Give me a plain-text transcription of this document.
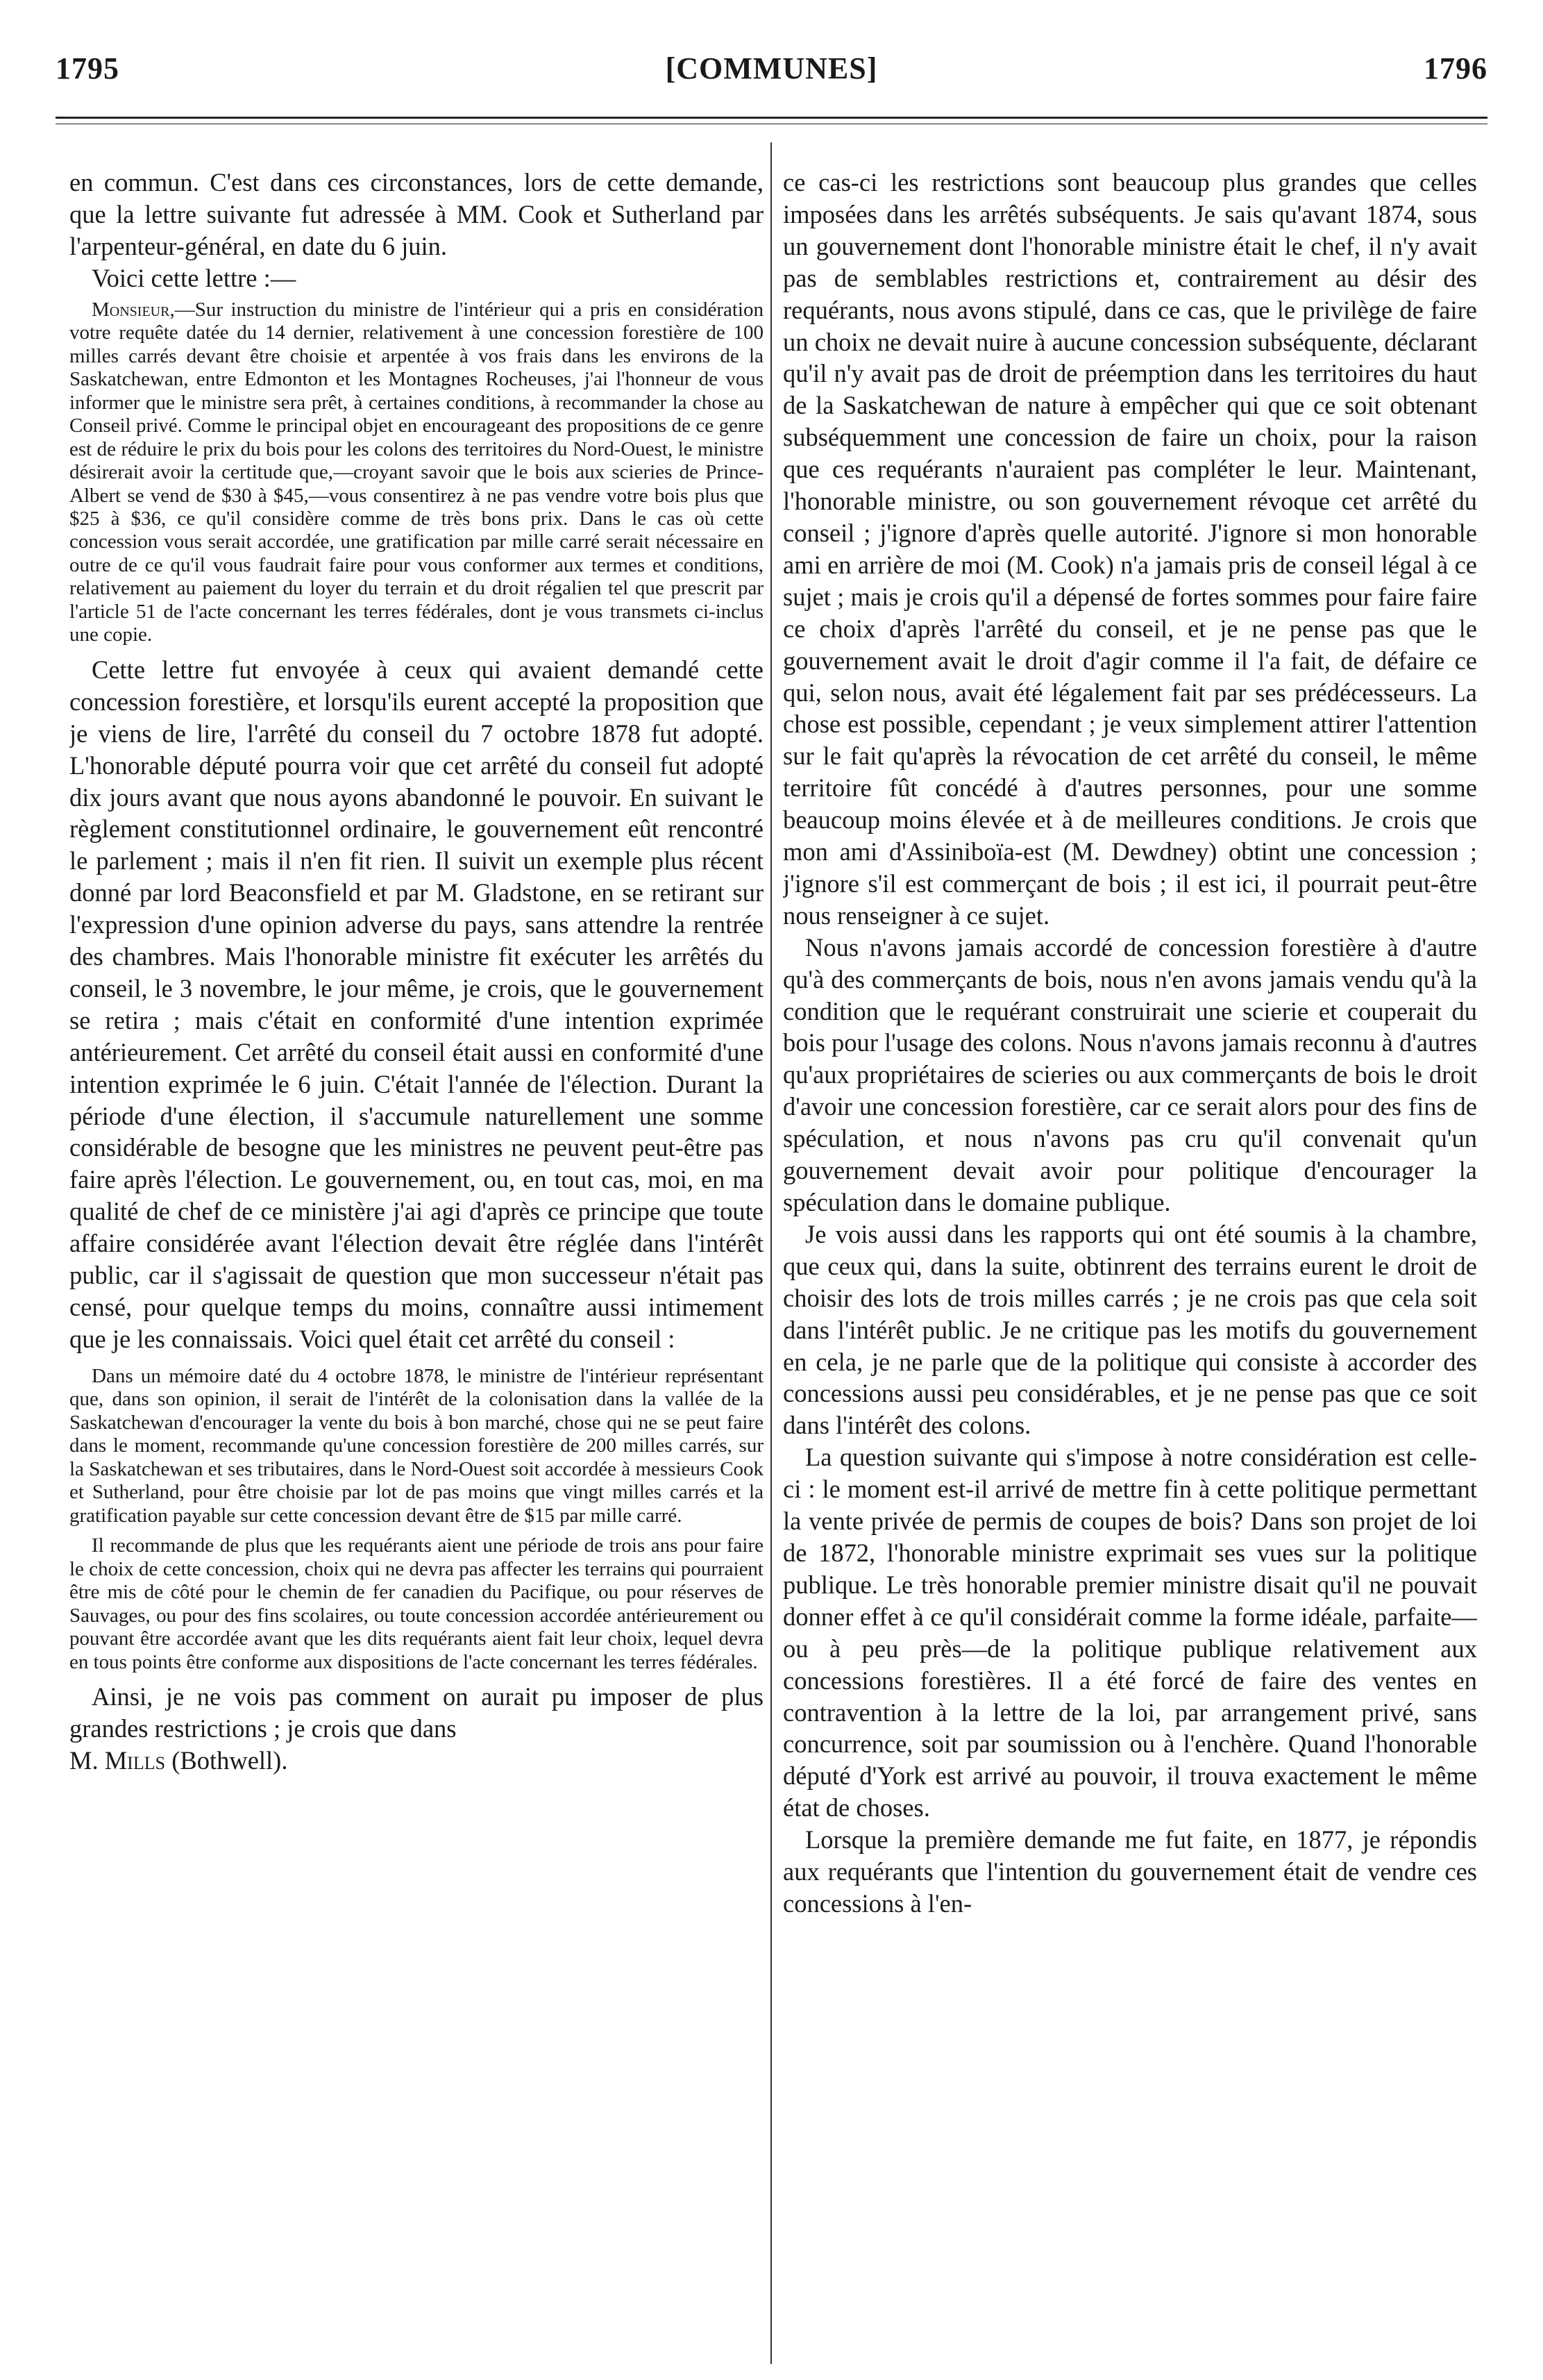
1795	[COMMUNES]	1796

en commun. C'est dans ces circonstances, lors de cette demande, que la lettre suivante fut adressée à MM. Cook et Sutherland par l'arpenteur-général, en date du 6 juin.

Voici cette lettre :—

Monsieur,—Sur instruction du ministre de l'intérieur qui a pris en considération votre requête datée du 14 dernier, relativement à une concession forestière de 100 milles carrés devant être choisie et arpentée à vos frais dans les environs de la Saskatchewan, entre Edmonton et les Montagnes Rocheuses, j'ai l'honneur de vous informer que le ministre sera prêt, à certaines conditions, à recommander la chose au Conseil privé. Comme le principal objet en encourageant des propositions de ce genre est de réduire le prix du bois pour les colons des territoires du Nord-Ouest, le ministre désirerait avoir la certitude que,—croyant savoir que le bois aux scieries de Prince-Albert se vend de $30 à $45,—vous consentirez à ne pas vendre votre bois plus que $25 à $36, ce qu'il considère comme de très bons prix. Dans le cas où cette concession vous serait accordée, une gratification par mille carré serait nécessaire en outre de ce qu'il vous faudrait faire pour vous conformer aux termes et conditions, relativement au paiement du loyer du terrain et du droit régalien tel que prescrit par l'article 51 de l'acte concernant les terres fédérales, dont je vous transmets ci-inclus une copie.

Cette lettre fut envoyée à ceux qui avaient demandé cette concession forestière, et lorsqu'ils eurent accepté la proposition que je viens de lire, l'arrêté du conseil du 7 octobre 1878 fut adopté. L'honorable député pourra voir que cet arrêté du conseil fut adopté dix jours avant que nous ayons abandonné le pouvoir. En suivant le règlement constitutionnel ordinaire, le gouvernement eût rencontré le parlement ; mais il n'en fit rien. Il suivit un exemple plus récent donné par lord Beaconsfield et par M. Gladstone, en se retirant sur l'expression d'une opinion adverse du pays, sans attendre la rentrée des chambres. Mais l'honorable ministre fit exécuter les arrêtés du conseil, le 3 novembre, le jour même, je crois, que le gouvernement se retira ; mais c'était en conformité d'une intention exprimée antérieurement. Cet arrêté du conseil était aussi en conformité d'une intention exprimée le 6 juin. C'était l'année de l'élection. Durant la période d'une élection, il s'accumule naturellement une somme considérable de besogne que les ministres ne peuvent peut-être pas faire après l'élection. Le gouvernement, ou, en tout cas, moi, en ma qualité de chef de ce ministère j'ai agi d'après ce principe que toute affaire considérée avant l'élection devait être réglée dans l'intérêt public, car il s'agissait de question que mon successeur n'était pas censé, pour quelque temps du moins, connaître aussi intimement que je les connaissais. Voici quel était cet arrêté du conseil :

Dans un mémoire daté du 4 octobre 1878, le ministre de l'intérieur représentant que, dans son opinion, il serait de l'intérêt de la colonisation dans la vallée de la Saskatchewan d'encourager la vente du bois à bon marché, chose qui ne se peut faire dans le moment, recommande qu'une concession forestière de 200 milles carrés, sur la Saskatchewan et ses tributaires, dans le Nord-Ouest soit accordée à messieurs Cook et Sutherland, pour être choisie par lot de pas moins que vingt milles carrés et la gratification payable sur cette concession devant être de $15 par mille carré.

Il recommande de plus que les requérants aient une période de trois ans pour faire le choix de cette concession, choix qui ne devra pas affecter les terrains qui pourraient être mis de côté pour le chemin de fer canadien du Pacifique, ou pour réserves de Sauvages, ou pour des fins scolaires, ou toute concession accordée antérieurement ou pouvant être accordée avant que les dits requérants aient fait leur choix, lequel devra en tous points être conforme aux dispositions de l'acte concernant les terres fédérales.

Ainsi, je ne vois pas comment on aurait pu imposer de plus grandes restrictions ; je crois que dans

M. Mills (Bothwell).

ce cas-ci les restrictions sont beaucoup plus grandes que celles imposées dans les arrêtés subséquents. Je sais qu'avant 1874, sous un gouvernement dont l'honorable ministre était le chef, il n'y avait pas de semblables restrictions et, contrairement au désir des requérants, nous avons stipulé, dans ce cas, que le privilège de faire un choix ne devait nuire à aucune concession subséquente, déclarant qu'il n'y avait pas de droit de préemption dans les territoires du haut de la Saskatchewan de nature à empêcher qui que ce soit obtenant subséquemment une concession de faire un choix, pour la raison que ces requérants n'auraient pas compléter le leur. Maintenant, l'honorable ministre, ou son gouvernement révoque cet arrêté du conseil ; j'ignore d'après quelle autorité. J'ignore si mon honorable ami en arrière de moi (M. Cook) n'a jamais pris de conseil légal à ce sujet ; mais je crois qu'il a dépensé de fortes sommes pour faire faire ce choix d'après l'arrêté du conseil, et je ne pense pas que le gouvernement avait le droit d'agir comme il l'a fait, de défaire ce qui, selon nous, avait été légalement fait par ses prédécesseurs. La chose est possible, cependant ; je veux simplement attirer l'attention sur le fait qu'après la révocation de cet arrêté du conseil, le même territoire fût concédé à d'autres personnes, pour une somme beaucoup moins élevée et à de meilleures conditions. Je crois que mon ami d'Assiniboïa-est (M. Dewdney) obtint une concession ; j'ignore s'il est commerçant de bois ; il est ici, il pourrait peut-être nous renseigner à ce sujet.

Nous n'avons jamais accordé de concession forestière à d'autre qu'à des commerçants de bois, nous n'en avons jamais vendu qu'à la condition que le requérant construirait une scierie et couperait du bois pour l'usage des colons. Nous n'avons jamais reconnu à d'autres qu'aux propriétaires de scieries ou aux commerçants de bois le droit d'avoir une concession forestière, car ce serait alors pour des fins de spéculation, et nous n'avons pas cru qu'il convenait qu'un gouvernement devait avoir pour politique d'encourager la spéculation dans le domaine publique.

Je vois aussi dans les rapports qui ont été soumis à la chambre, que ceux qui, dans la suite, obtinrent des terrains eurent le droit de choisir des lots de trois milles carrés ; je ne crois pas que cela soit dans l'intérêt public. Je ne critique pas les motifs du gouvernement en cela, je ne parle que de la politique qui consiste à accorder des concessions aussi peu considérables, et je ne pense pas que ce soit dans l'intérêt des colons.

La question suivante qui s'impose à notre considération est celle-ci : le moment est-il arrivé de mettre fin à cette politique permettant la vente privée de permis de coupes de bois? Dans son projet de loi de 1872, l'honorable ministre exprimait ses vues sur la politique publique. Le très honorable premier ministre disait qu'il ne pouvait donner effet à ce qu'il considérait comme la forme idéale, parfaite—ou à peu près—de la politique publique relativement aux concessions forestières. Il a été forcé de faire des ventes en contravention à la lettre de la loi, par arrangement privé, sans concurrence, soit par soumission ou à l'enchère. Quand l'honorable député d'York est arrivé au pouvoir, il trouva exactement le même état de choses.

Lorsque la première demande me fut faite, en 1877, je répondis aux requérants que l'intention du gouvernement était de vendre ces concessions à l'en-
